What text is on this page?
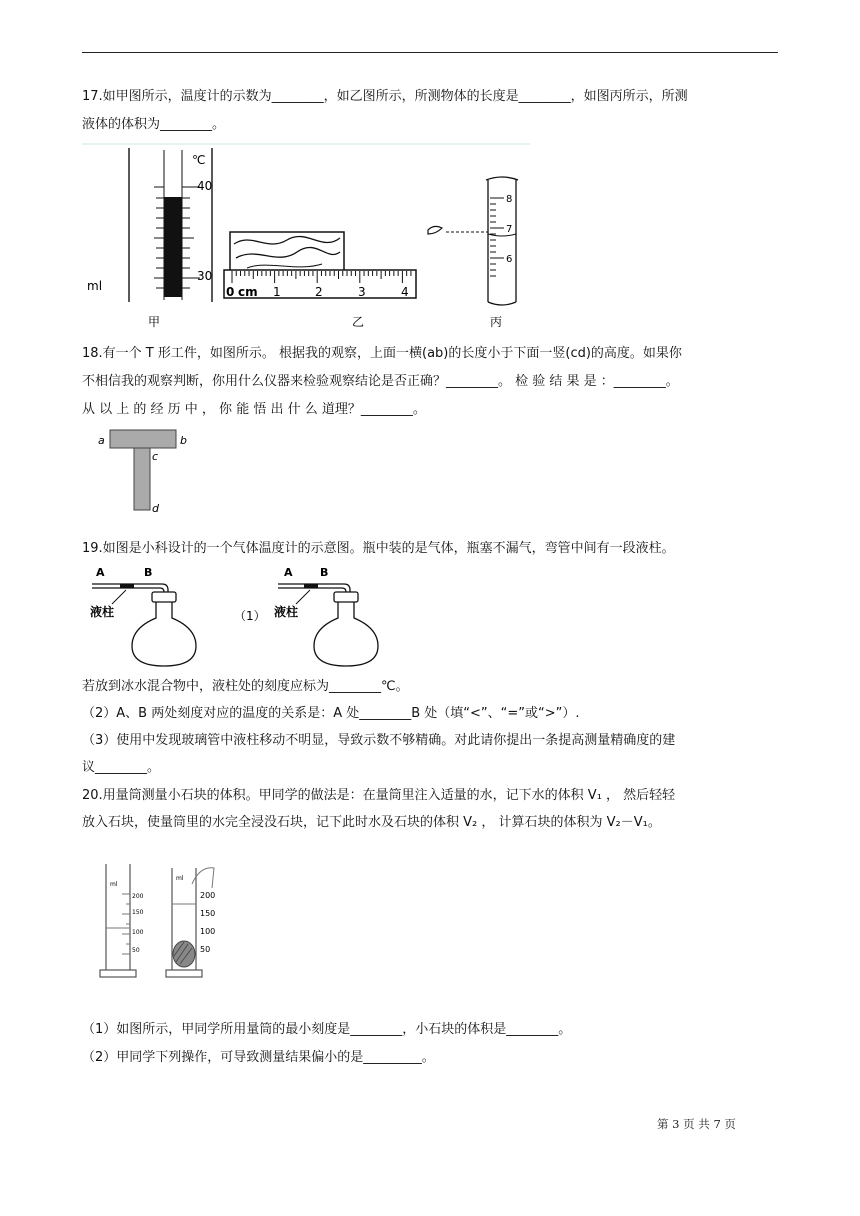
17.如甲图所示，温度计的示数为________，如乙图所示，所测物体的长度是________，如图丙所示，所测
液体的体积为________。
℃
40
30
ml	0 cm 1	2	3	4
8
7
6
甲	乙	丙
18.有一个 T 形工件，如图所示。 根据我的观察，上面一横(ab)的长度小于下面一竖(cd)的高度。如果你
不相信我的观察判断，你用什么仪器来检验观察结论是否正确？________。 检 验 结 果 是 ：________。
从 以 上 的 经 历 中 ， 你 能 悟 出 什 么 道理？________。
a	b
c
d
19.如图是小科设计的一个气体温度计的示意图。瓶中装的是气体，瓶塞不漏气，弯管中间有一段液柱。
A	B
液柱	（1）
A B
液柱
若放到冰水混合物中，液柱处的刻度应标为________℃。
（2）A、B 两处刻度对应的温度的关系是：A 处________B 处（填“<”、“=”或“>”）.
（3）使用中发现玻璃管中液柱移动不明显，导致示数不够精确。对此请你提出一条提高测量精确度的建
议________。
20.用量筒测量小石块的体积。甲同学的做法是：在量筒里注入适量的水，记下水的体积 V₁ ， 然后轻轻
放入石块，使量筒里的水完全浸没石块，记下此时水及石块的体积 V₂ ， 计算石块的体积为 V₂－V₁。
ml
200
150
100
50
ml
200
150
100
50
（1）如图所示，甲同学所用量筒的最小刻度是________，小石块的体积是________。
（2）甲同学下列操作，可导致测量结果偏小的是_________。
第 3 页 共 7 页
